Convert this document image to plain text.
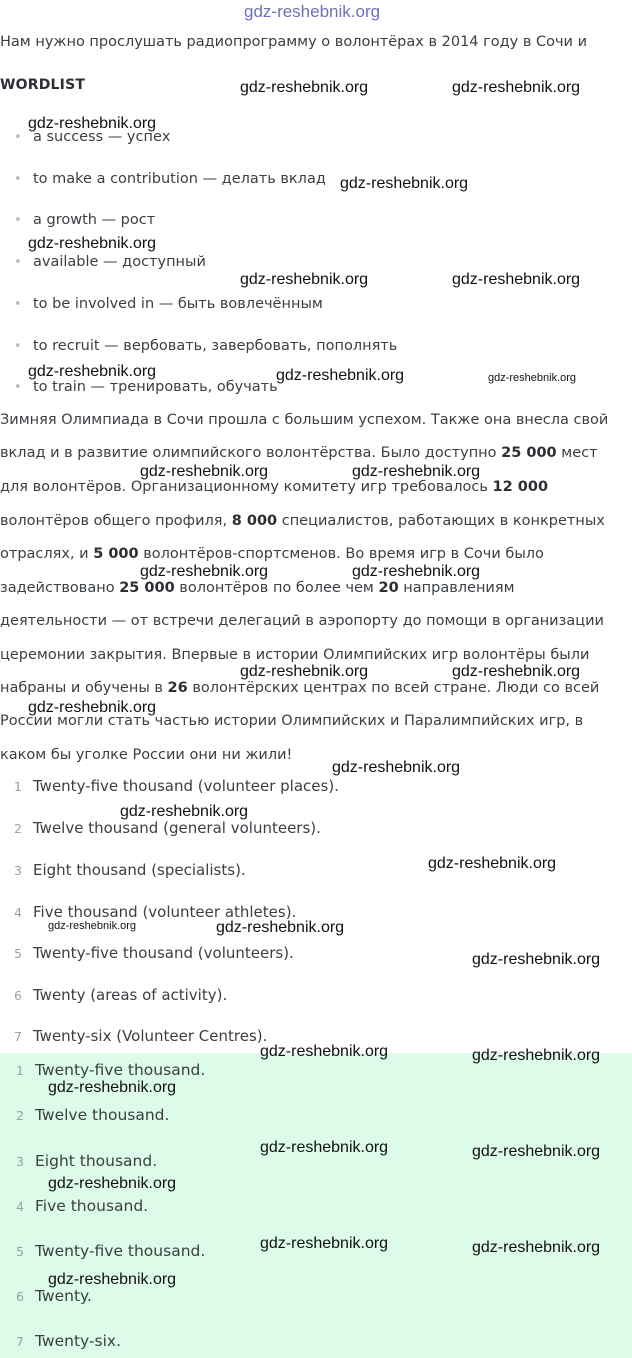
Нам нужно прослушать радиопрограмму о волонтёрах в 2014 году в Сочи и
WORDLIST
• a success — успех
• to make a contribution — делать вклад
• a growth — рост
• available — доступный
• to be involved in — быть вовлечённым
• to recruit — вербовать, завербовать, пополнять
• to train — тренировать, обучать
Зимняя Олимпиада в Сочи прошла с большим успехом. Также она внесла свой
вклад и в развитие олимпийского волонтёрства. Было доступно 25 000 мест
для волонтёров. Организационному комитету игр требовалось 12 000
волонтёров общего профиля, 8 000 специалистов, работающих в конкретных
отраслях, и 5 000 волонтёров-спортсменов. Во время игр в Сочи было
задействовано 25 000 волонтёров по более чем 20 направлениям
деятельности — от встречи делегаций в аэропорту до помощи в организации
церемонии закрытия. Впервые в истории Олимпийских игр волонтёры были
набраны и обучены в 26 волонтёрских центрах по всей стране. Люди со всей
России могли стать частью истории Олимпийских и Паралимпийских игр, в
каком бы уголке России они ни жили!
1 Twenty-five thousand (volunteer places).
2 Twelve thousand (general volunteers).
3 Eight thousand (specialists).
4 Five thousand (volunteer athletes).
5 Twenty-five thousand (volunteers).
6 Twenty (areas of activity).
7 Twenty-six (Volunteer Centres).
1 Twenty-five thousand.
2 Twelve thousand.
3 Eight thousand.
4 Five thousand.
5 Twenty-five thousand.
6 Twenty.
7 Twenty-six.
gdz-reshebnik.org
gdz-reshebnik.org	gdz-reshebnik.org
gdz-reshebnik.org
gdz-reshebnik.org
gdz-reshebnik.org
gdz-reshebnik.org	gdz-reshebnik.org
gdz-reshebnik.org	gdz-reshebnik.org	gdz-reshebnik.org
gdz-reshebnik.org	gdz-reshebnik.org
gdz-reshebnik.org	gdz-reshebnik.org
gdz-reshebnik.org	gdz-reshebnik.org
gdz-reshebnik.org
gdz-reshebnik.org
gdz-reshebnik.org
gdz-reshebnik.org
gdz-reshebnik.org	gdz-reshebnik.org
gdz-reshebnik.org
gdz-reshebnik.org	gdz-reshebnik.org
gdz-reshebnik.org
gdz-reshebnik.org	gdz-reshebnik.org
gdz-reshebnik.org
gdz-reshebnik.org	gdz-reshebnik.org
gdz-reshebnik.org
